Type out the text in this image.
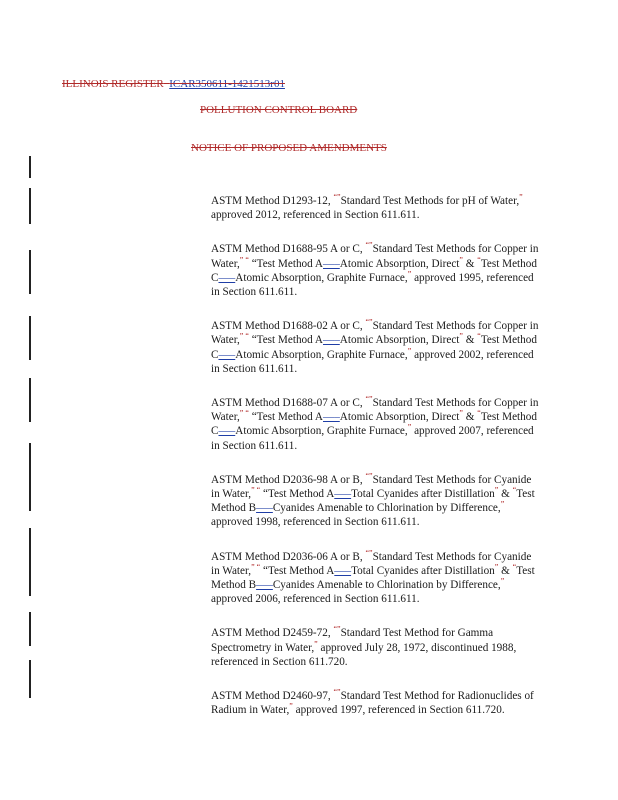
ILLINOIS REGISTER ICAR350611-1421513r01
POLLUTION CONTROL BOARD
NOTICE OF PROPOSED AMENDMENTS

ASTM Method D1293-12, “”Standard Test Methods for pH of Water,” approved 2012, referenced in Section 611.611.

ASTM Method D1688-95 A or C, “”Standard Test Methods for Copper in Water,” “ “Test Method A—–Atomic Absorption, Direct” & “Test Method C—–Atomic Absorption, Graphite Furnace,” approved 1995, referenced in Section 611.611.

ASTM Method D1688-02 A or C, “”Standard Test Methods for Copper in Water,” “ “Test Method A—–Atomic Absorption, Direct” & “Test Method C—–Atomic Absorption, Graphite Furnace,” approved 2002, referenced in Section 611.611.

ASTM Method D1688-07 A or C, “”Standard Test Methods for Copper in Water,” “ “Test Method A—–Atomic Absorption, Direct” & “Test Method C—–Atomic Absorption, Graphite Furnace,” approved 2007, referenced in Section 611.611.

ASTM Method D2036-98 A or B, “”Standard Test Methods for Cyanide in Water,” “ “Test Method A—–Total Cyanides after Distillation” & “Test Method B—–Cyanides Amenable to Chlorination by Difference,” approved 1998, referenced in Section 611.611.

ASTM Method D2036-06 A or B, “”Standard Test Methods for Cyanide in Water,” “ “Test Method A—–Total Cyanides after Distillation” & “Test Method B—–Cyanides Amenable to Chlorination by Difference,” approved 2006, referenced in Section 611.611.

ASTM Method D2459-72, “”Standard Test Method for Gamma Spectrometry in Water,” approved July 28, 1972, discontinued 1988, referenced in Section 611.720.

ASTM Method D2460-97, “”Standard Test Method for Radionuclides of Radium in Water,” approved 1997, referenced in Section 611.720.
